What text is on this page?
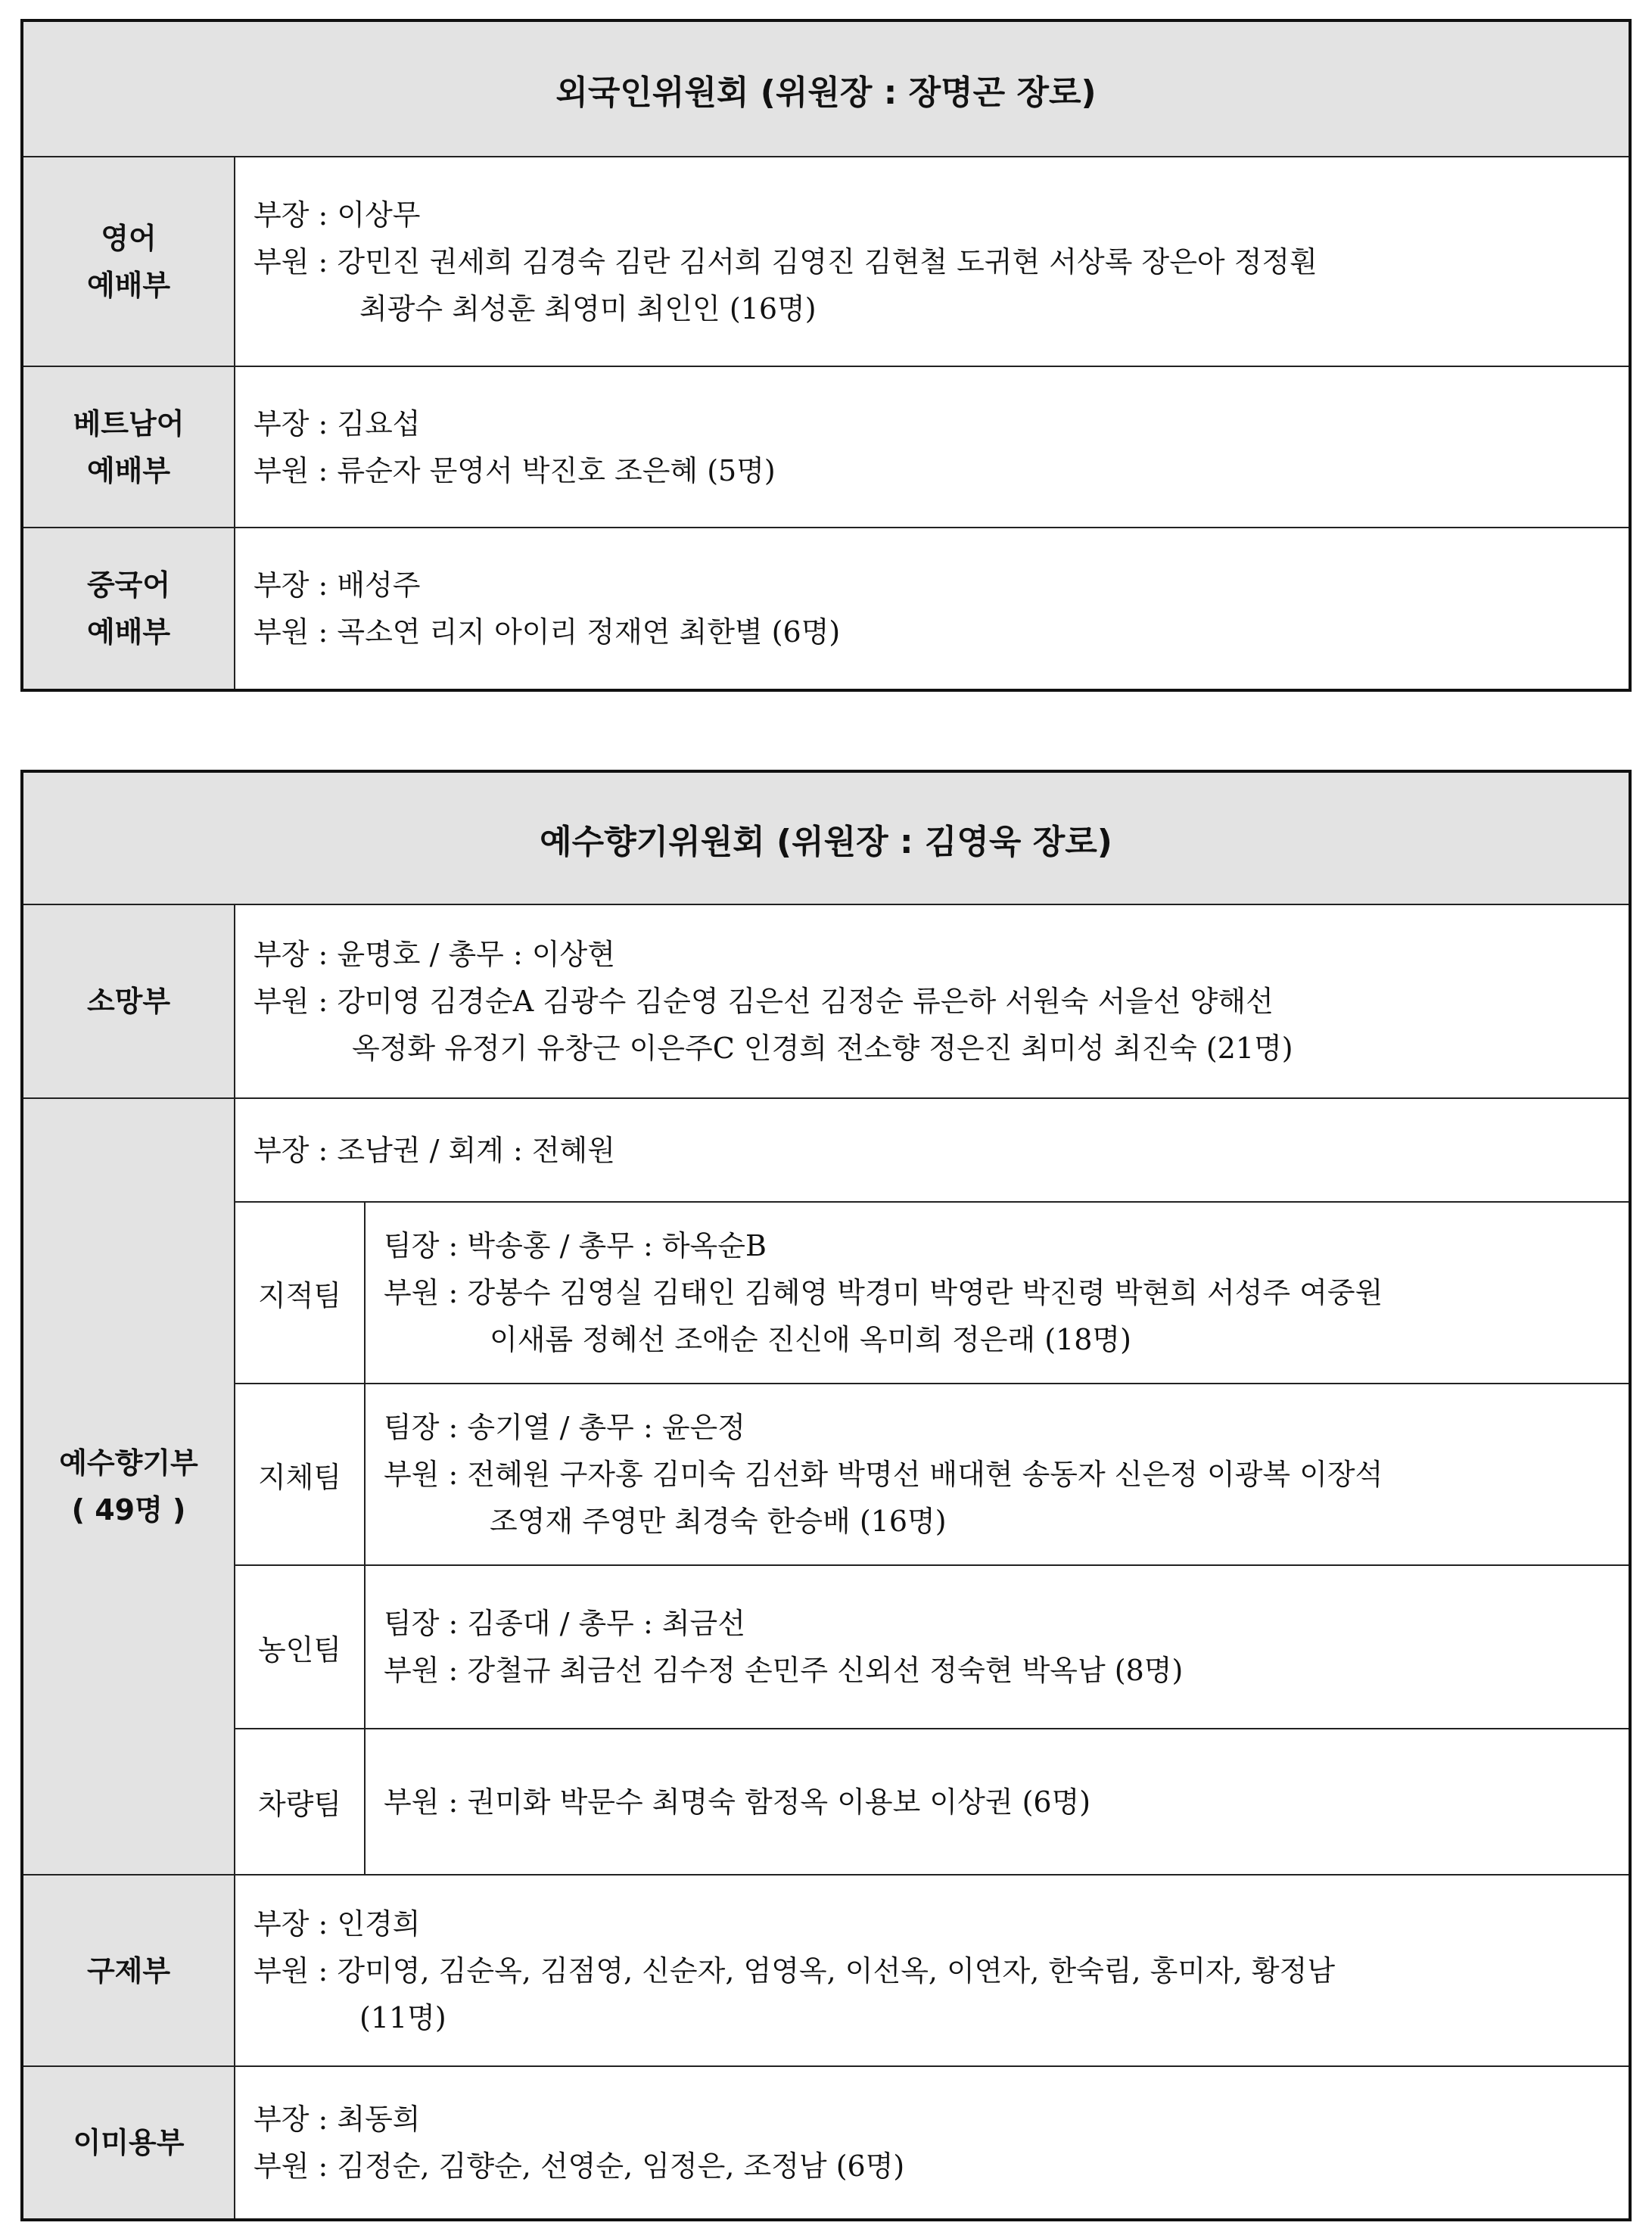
외국인위원회 (위원장 : 장명곤 장로)	

영어
예배부	부장 : 이상무
부원 : 강민진 권세희 김경숙 김란 김서희 김영진 김현철 도귀현 서상록 장은아 정정훤
최광수 최성훈 최영미 최인인 (16명)

베트남어
예배부	부장 : 김요섭
부원 : 류순자 문영서 박진호 조은혜 (5명)

중국어
예배부	부장 : 배성주
부원 : 곡소연 리지 아이리 정재연 최한별 (6명)
예수향기위원회 (위원장 : 김영욱 장로)		
소망부	부장 : 윤명호 / 총무 : 이상현
부원 : 강미영 김경순A 김광수 김순영 김은선 김정순 류은하 서원숙 서을선 양해선
옥정화 유정기 유창근 이은주C 인경희 전소향 정은진 최미성 최진숙 (21명)	

예수향기부
( 49명 )	부장 : 조남권 / 회계 : 전혜원	

	지적팀	팀장 : 박송홍 / 총무 : 하옥순B
부원 : 강봉수 김영실 김태인 김혜영 박경미 박영란 박진령 박현희 서성주 여중원
이새롬 정혜선 조애순 진신애 옥미희 정은래 (18명)

	지체팀	팀장 : 송기열 / 총무 : 윤은정
부원 : 전혜원 구자홍 김미숙 김선화 박명선 배대현 송동자 신은정 이광복 이장석
조영재 주영만 최경숙 한승배 (16명)

	농인팀	팀장 : 김종대 / 총무 : 최금선
부원 : 강철규 최금선 김수정 손민주 신외선 정숙현 박옥남 (8명)

	차량팀	부원 : 권미화 박문수 최명숙 함정옥 이용보 이상권 (6명)

구제부	부장 : 인경희
부원 : 강미영, 김순옥, 김점영, 신순자, 엄영옥, 이선옥, 이연자, 한숙림, 홍미자, 황정남
(11명)	

이미용부	부장 : 최동희
부원 : 김정순, 김향순, 선영순, 임정은, 조정남 (6명)	
